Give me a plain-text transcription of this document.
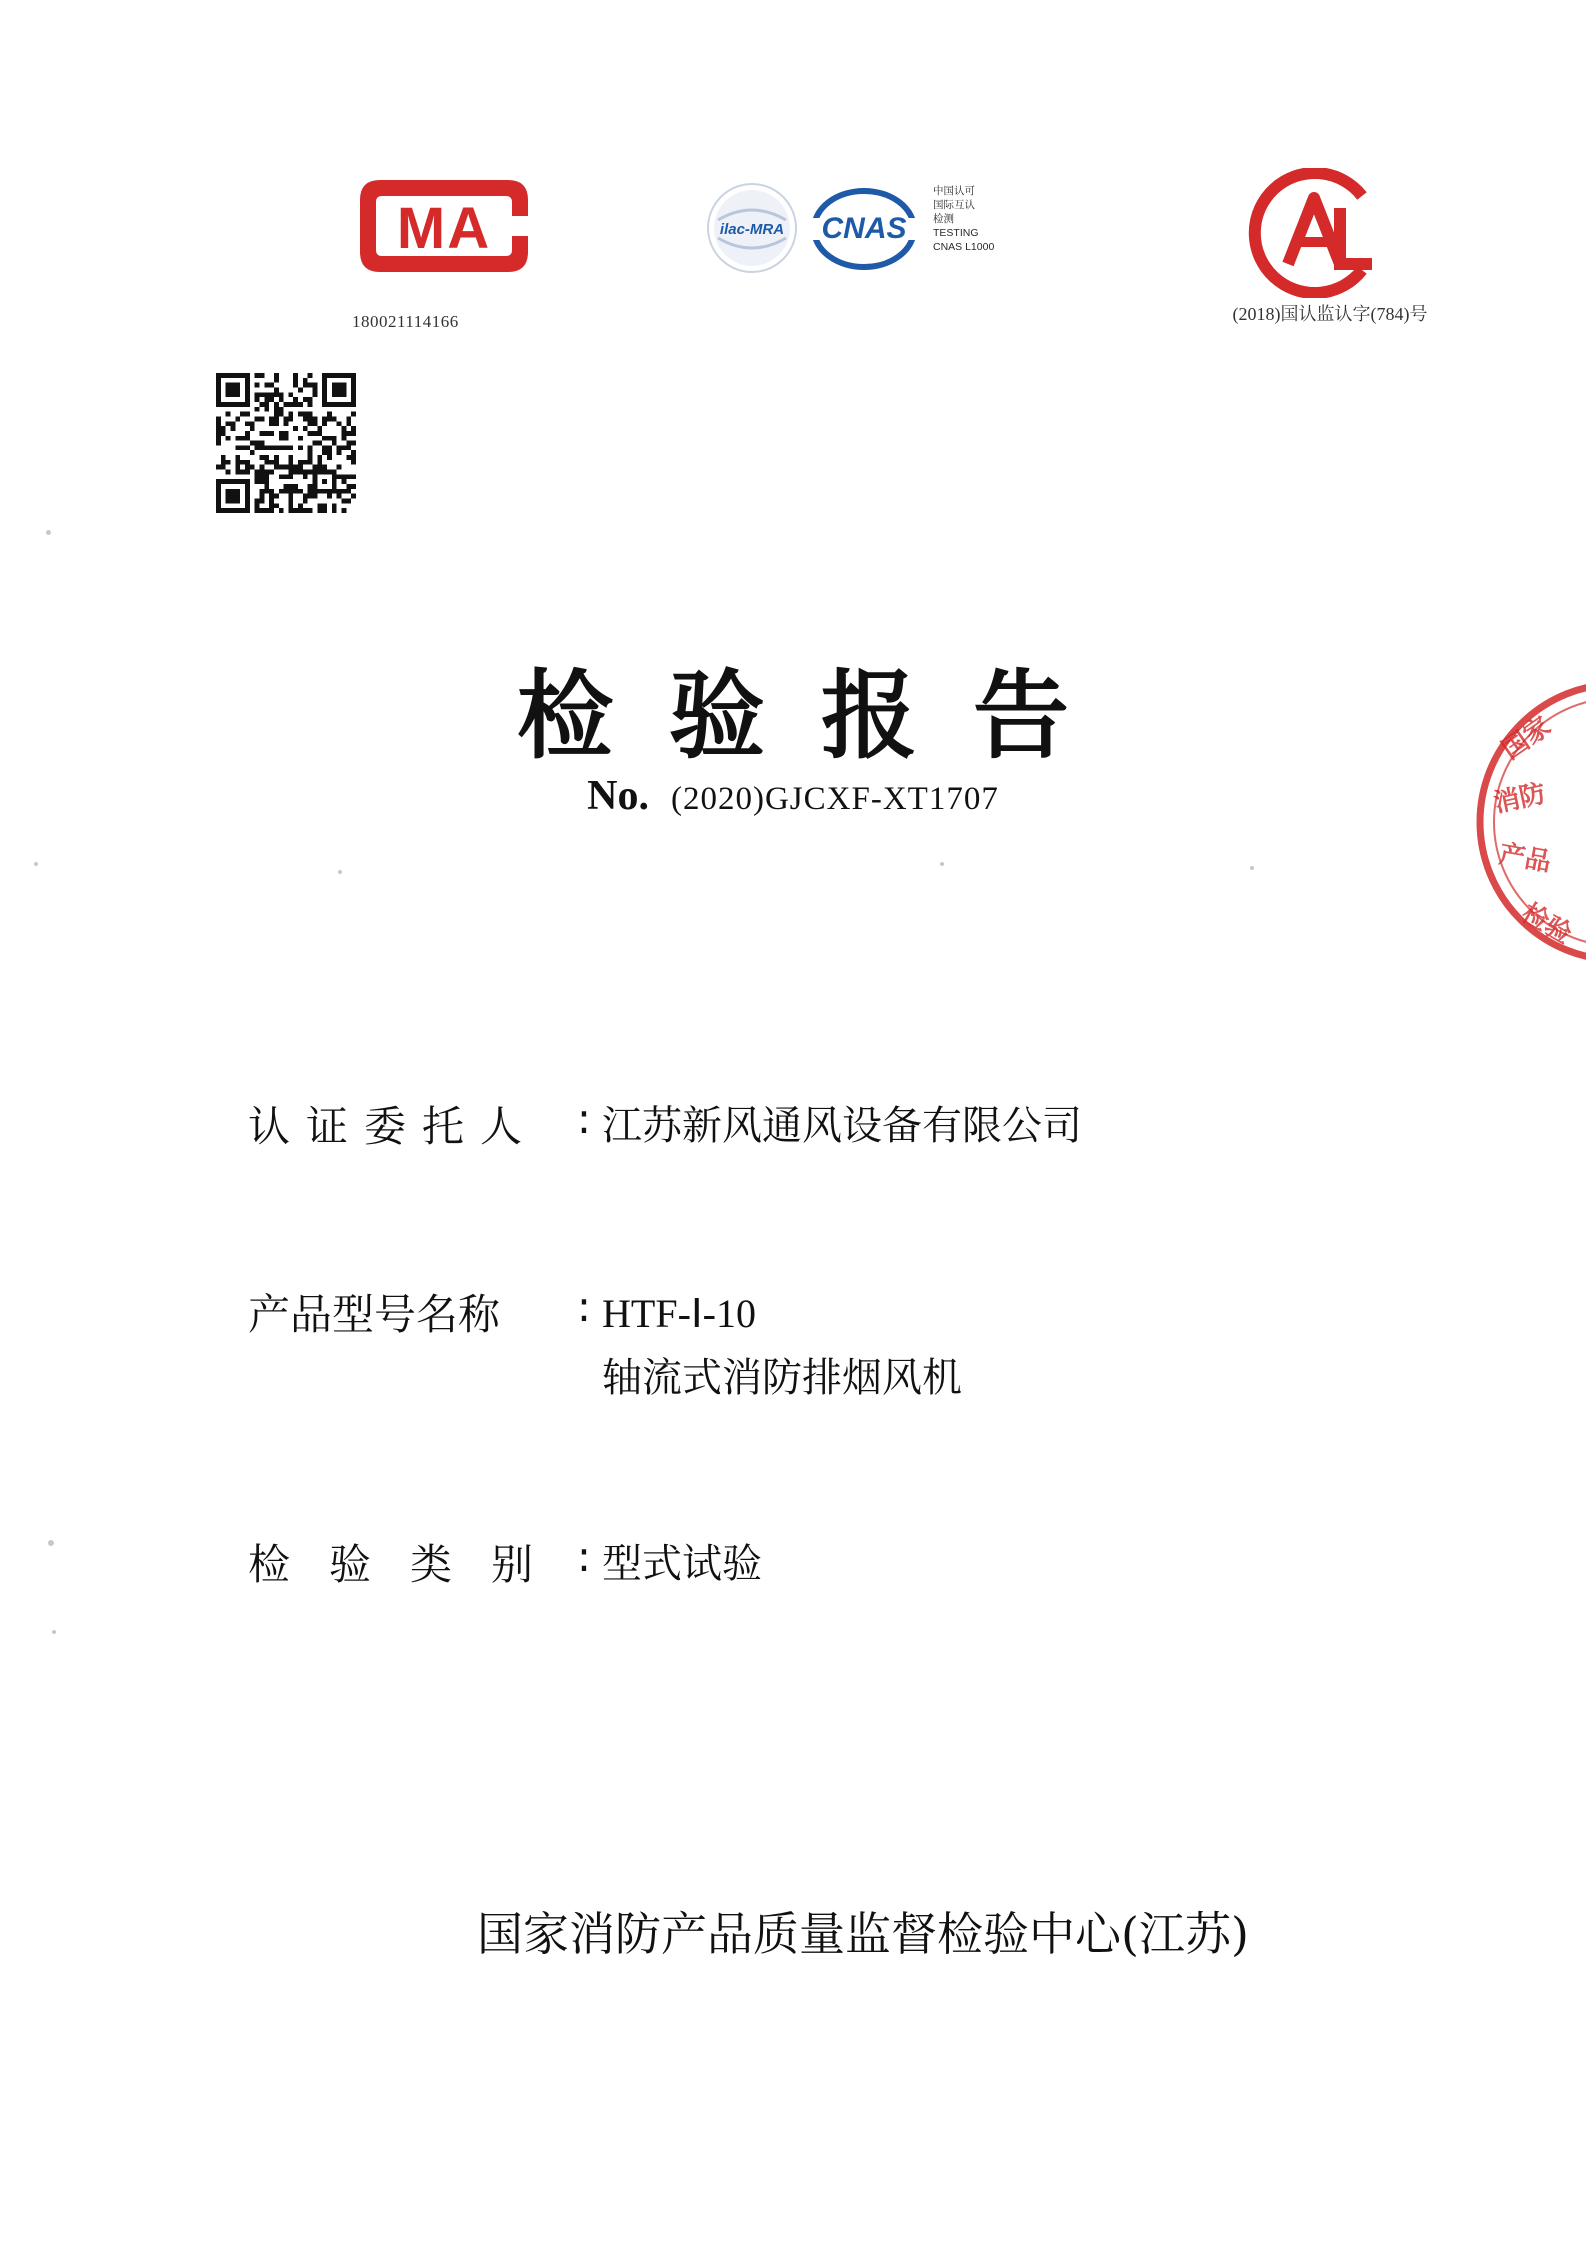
MA
180021114166
ilac-MRA CNAS
中国认可
国际互认
检测
TESTING
CNAS L1000
(2018)国认监认字(784)号
检验报告
No. (2020)GJCXF-XT1707
认证委托人 : 江苏新风通风设备有限公司
产品型号名称	: HTF-Ⅰ-10
轴流式消防排烟风机
检验类别 : 型式试验
国家消防产品质量监督检验中心(江苏)
国家
消防
产品
检验
